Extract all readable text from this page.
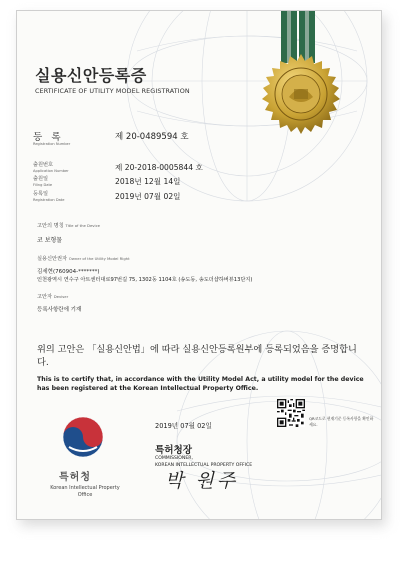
실용신안등록증
CERTIFICATE OF UTILITY MODEL REGISTRATION
등 록
Registration Number
제 20-0489594 호
출원번호
Application Number	제 20-2018-0005844 호
출원일
Filing Date	2018년 12월 14일
등록일
Registration Date	2019년 07월 02일
고안의 명칭 Title of the Device
코 보형물
실용신안권자 Owner of the Utility Model Right
김세현(760904-*******)
인천광역시 연수구 아트센터대로97번길 75, 1302동 1104호 (송도동, 송도더샵하버뷰13단지)
고안자 Deviser
등록사항란에 기재
위의 고안은 「실용신안법」에 따라 실용신안등록원부에 등록되었음을 증명합니다.
This is to certify that, in accordance with the Utility Model Act, a utility model for the device has been registered at the Korean Intellectual Property Office.
2019년 07월 02일
QR코드로 현재기준 등록사항을 확인하세요.
특허청장
COMMISSIONER,
KOREAN INTELLECTUAL PROPERTY OFFICE
박 원주
특허청
Korean Intellectual Property Office
